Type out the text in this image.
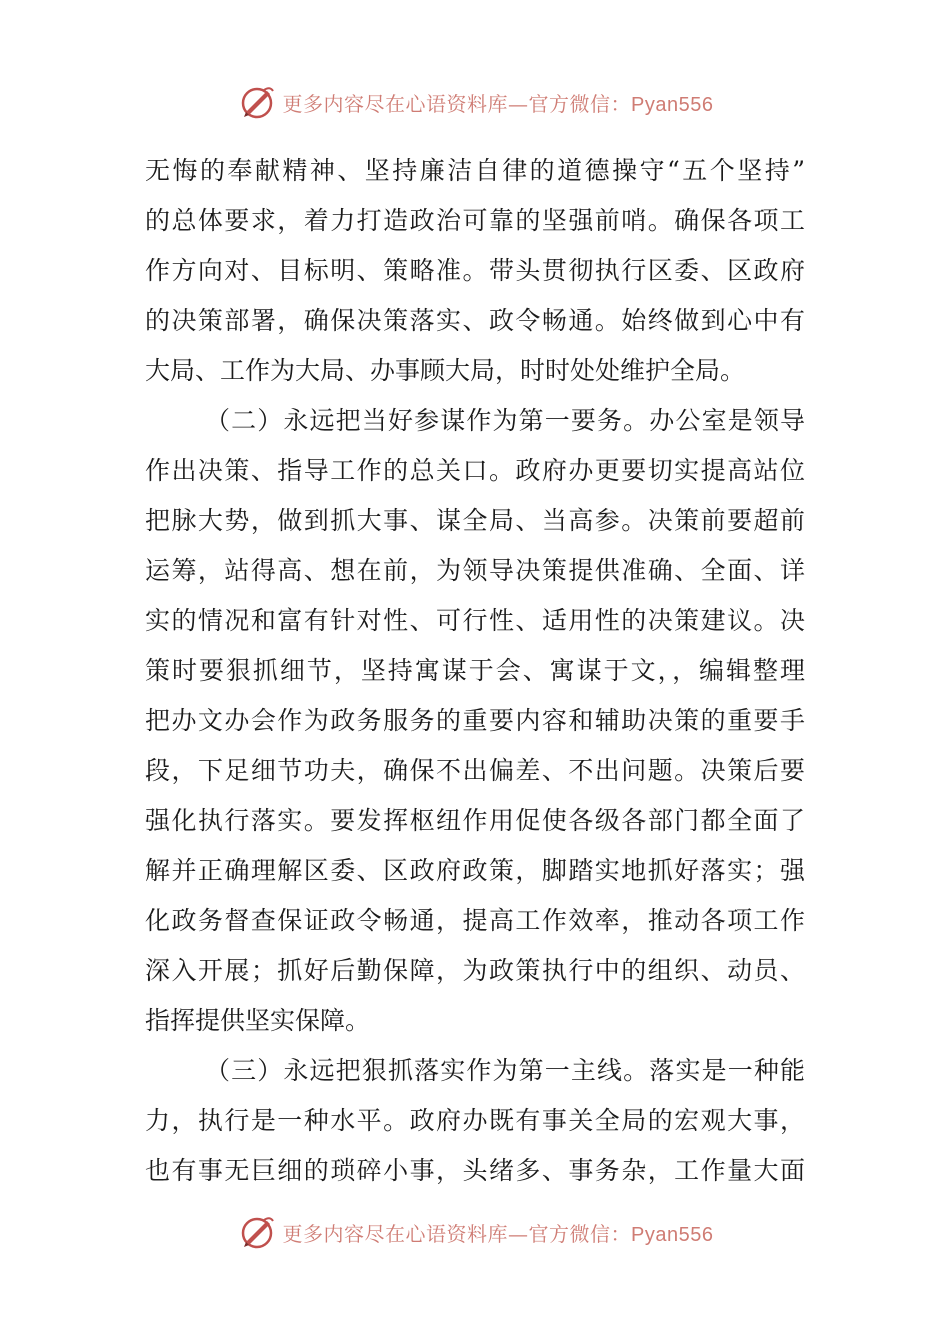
更多内容尽在心语资料库—官方微信：Pyan556
无悔的奉献精神、坚持廉洁自律的道德操守“五个坚持”
的总体要求，着力打造政治可靠的坚强前哨。确保各项工
作方向对、目标明、策略准。带头贯彻执行区委、区政府
的决策部署，确保决策落实、政令畅通。始终做到心中有
大局、工作为大局、办事顾大局，时时处处维护全局。
（二）永远把当好参谋作为第一要务。办公室是领导
作出决策、指导工作的总关口。政府办更要切实提高站位
把脉大势，做到抓大事、谋全局、当高参。决策前要超前
运筹，站得高、想在前，为领导决策提供准确、全面、详
实的情况和富有针对性、可行性、适用性的决策建议。决
策时要狠抓细节，坚持寓谋于会、寓谋于文，，编辑整理
把办文办会作为政务服务的重要内容和辅助决策的重要手
段，下足细节功夫，确保不出偏差、不出问题。决策后要
强化执行落实。要发挥枢纽作用促使各级各部门都全面了
解并正确理解区委、区政府政策，脚踏实地抓好落实；强
化政务督查保证政令畅通，提高工作效率，推动各项工作
深入开展；抓好后勤保障，为政策执行中的组织、动员、
指挥提供坚实保障。
（三）永远把狠抓落实作为第一主线。落实是一种能
力，执行是一种水平。政府办既有事关全局的宏观大事，
也有事无巨细的琐碎小事，头绪多、事务杂，工作量大面
更多内容尽在心语资料库—官方微信：Pyan556
